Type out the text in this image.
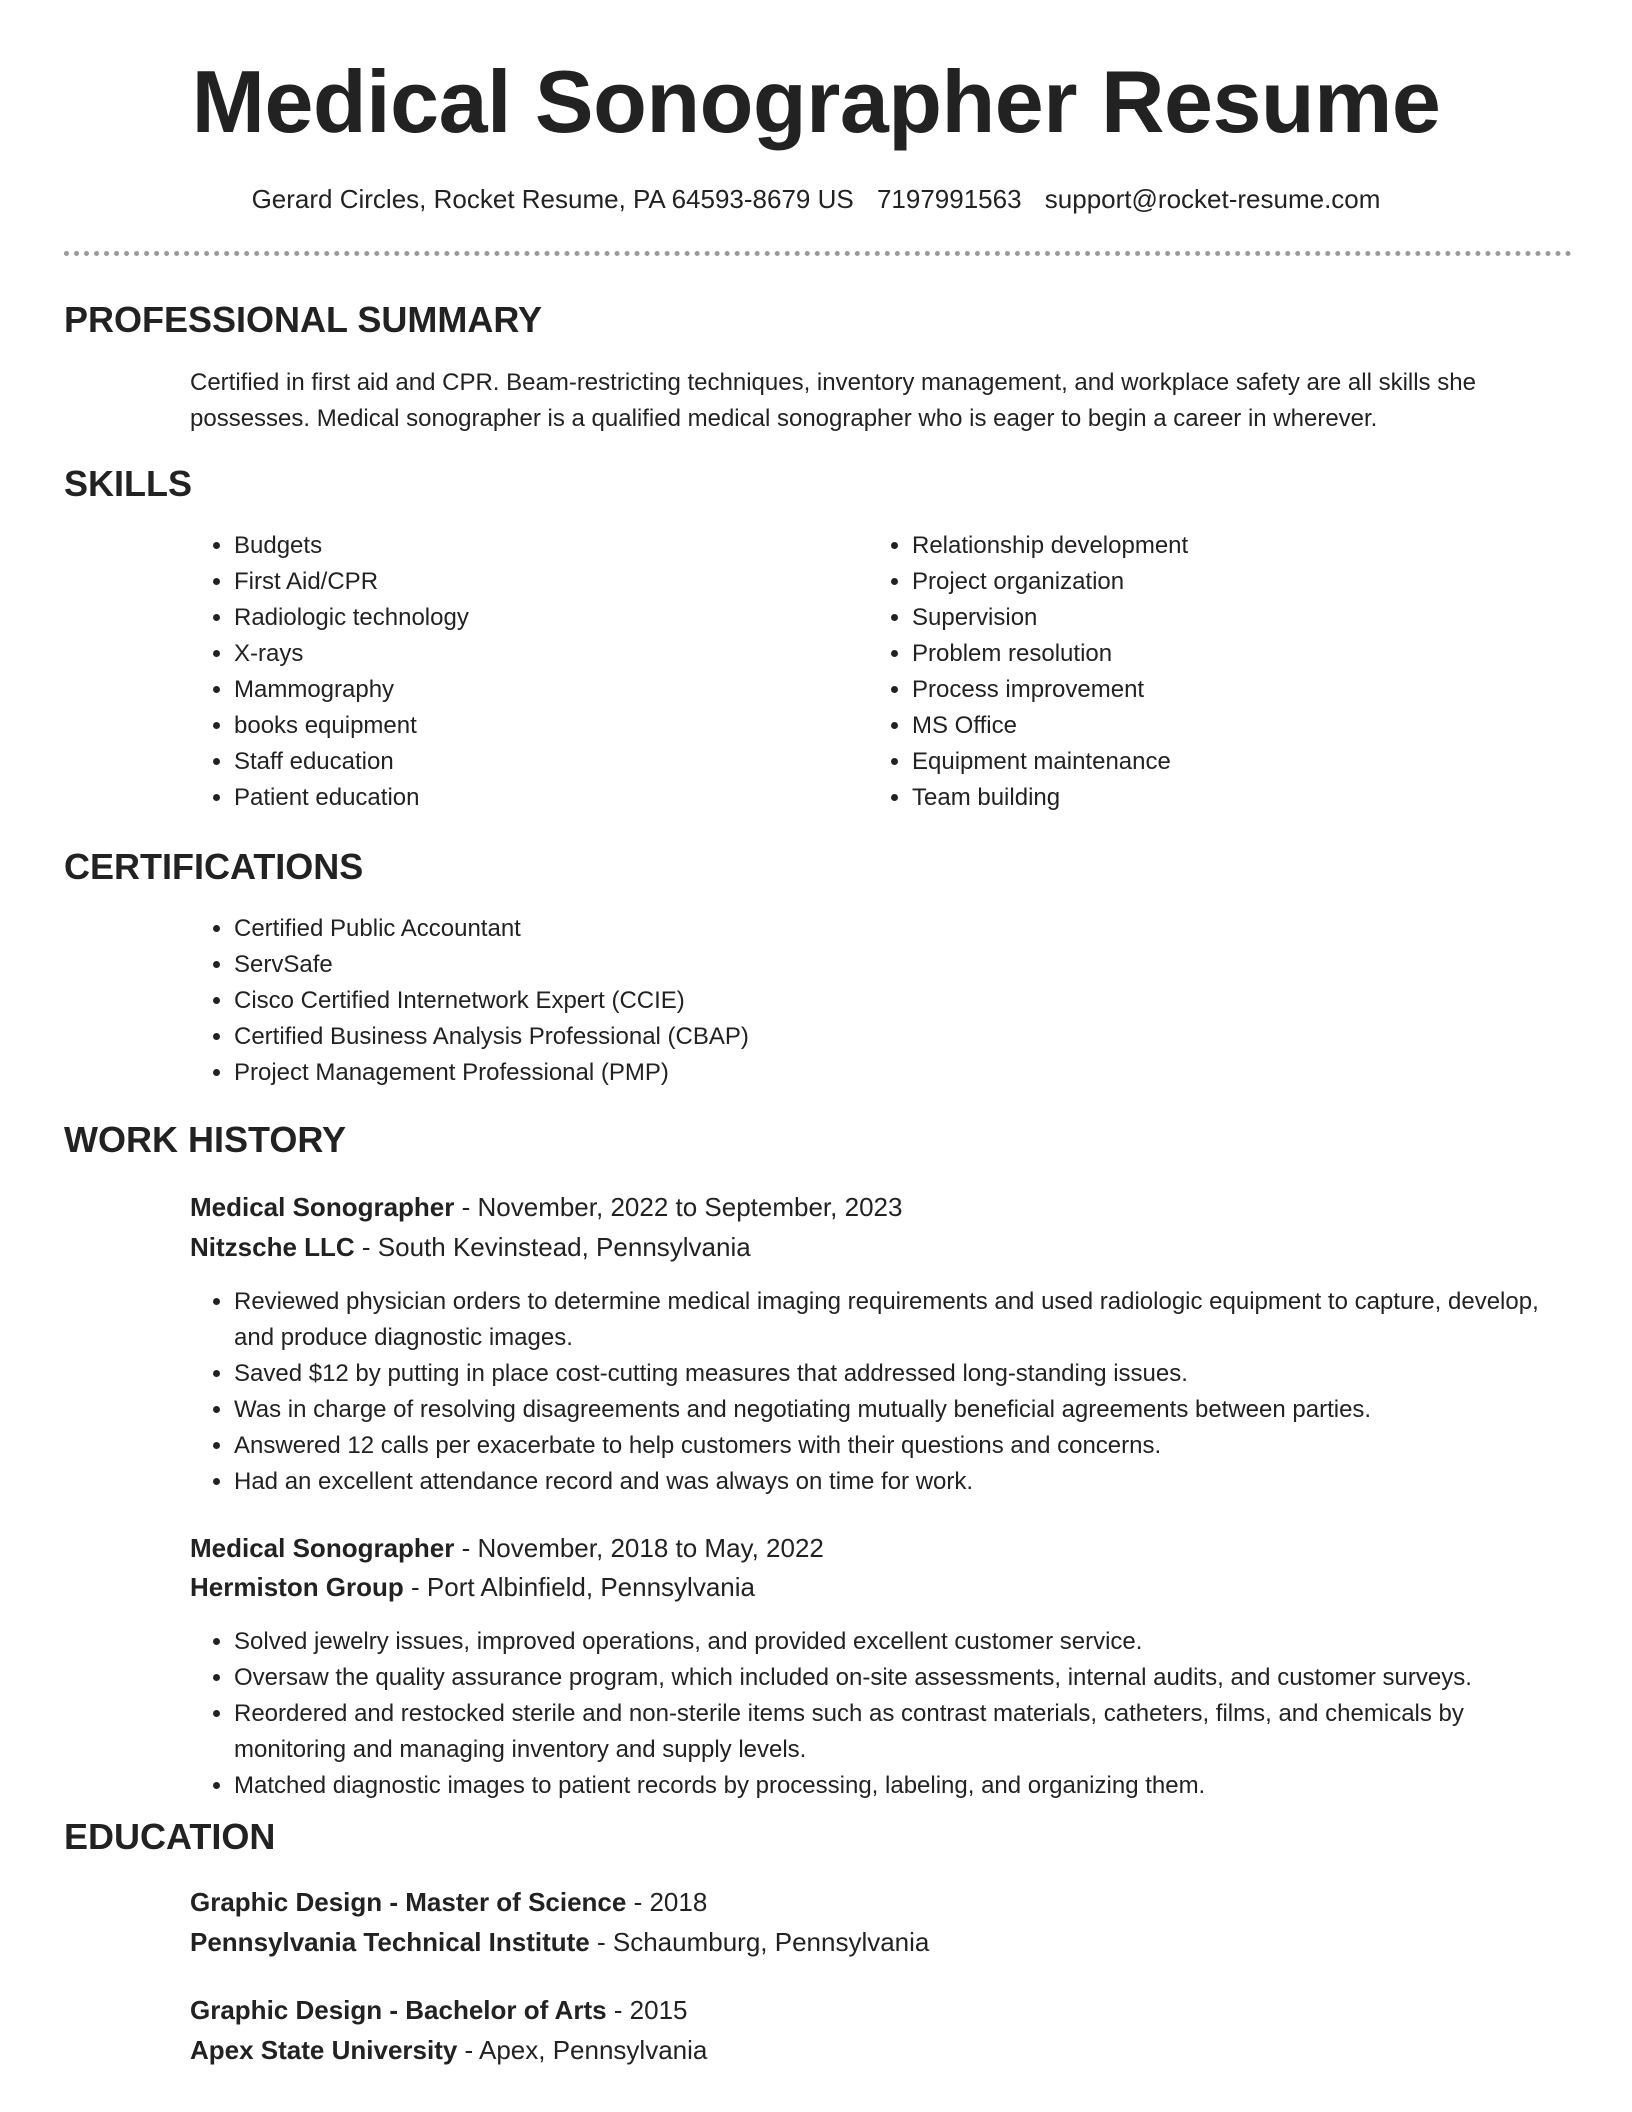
Medical Sonographer Resume
Gerard Circles, Rocket Resume, PA 64593-8679 US 7197991563 support@rocket-resume.com
PROFESSIONAL SUMMARY

Certified in first aid and CPR. Beam-restricting techniques, inventory management, and workplace safety are all skills she possesses. Medical sonographer is a qualified medical sonographer who is eager to begin a career in wherever.

SKILLS
• Budgets
• First Aid/CPR
• Radiologic technology
• X-rays
• Mammography
• books equipment
• Staff education
• Patient education
• Relationship development
• Project organization
• Supervision
• Problem resolution
• Process improvement
• MS Office
• Equipment maintenance
• Team building
CERTIFICATIONS
• Certified Public Accountant
• ServSafe
• Cisco Certified Internetwork Expert (CCIE)
• Certified Business Analysis Professional (CBAP)
• Project Management Professional (PMP)
WORK HISTORY
Medical Sonographer - November, 2022 to September, 2023
Nitzsche LLC - South Kevinstead, Pennsylvania
• Reviewed physician orders to determine medical imaging requirements and used radiologic equipment to capture, develop, and produce diagnostic images.
• Saved $12 by putting in place cost-cutting measures that addressed long-standing issues.
• Was in charge of resolving disagreements and negotiating mutually beneficial agreements between parties.
• Answered 12 calls per exacerbate to help customers with their questions and concerns.
• Had an excellent attendance record and was always on time for work.
Medical Sonographer - November, 2018 to May, 2022
Hermiston Group - Port Albinfield, Pennsylvania
• Solved jewelry issues, improved operations, and provided excellent customer service.
• Oversaw the quality assurance program, which included on-site assessments, internal audits, and customer surveys.
• Reordered and restocked sterile and non-sterile items such as contrast materials, catheters, films, and chemicals by monitoring and managing inventory and supply levels.
• Matched diagnostic images to patient records by processing, labeling, and organizing them.
EDUCATION
Graphic Design - Master of Science - 2018
Pennsylvania Technical Institute - Schaumburg, Pennsylvania
Graphic Design - Bachelor of Arts - 2015
Apex State University - Apex, Pennsylvania
